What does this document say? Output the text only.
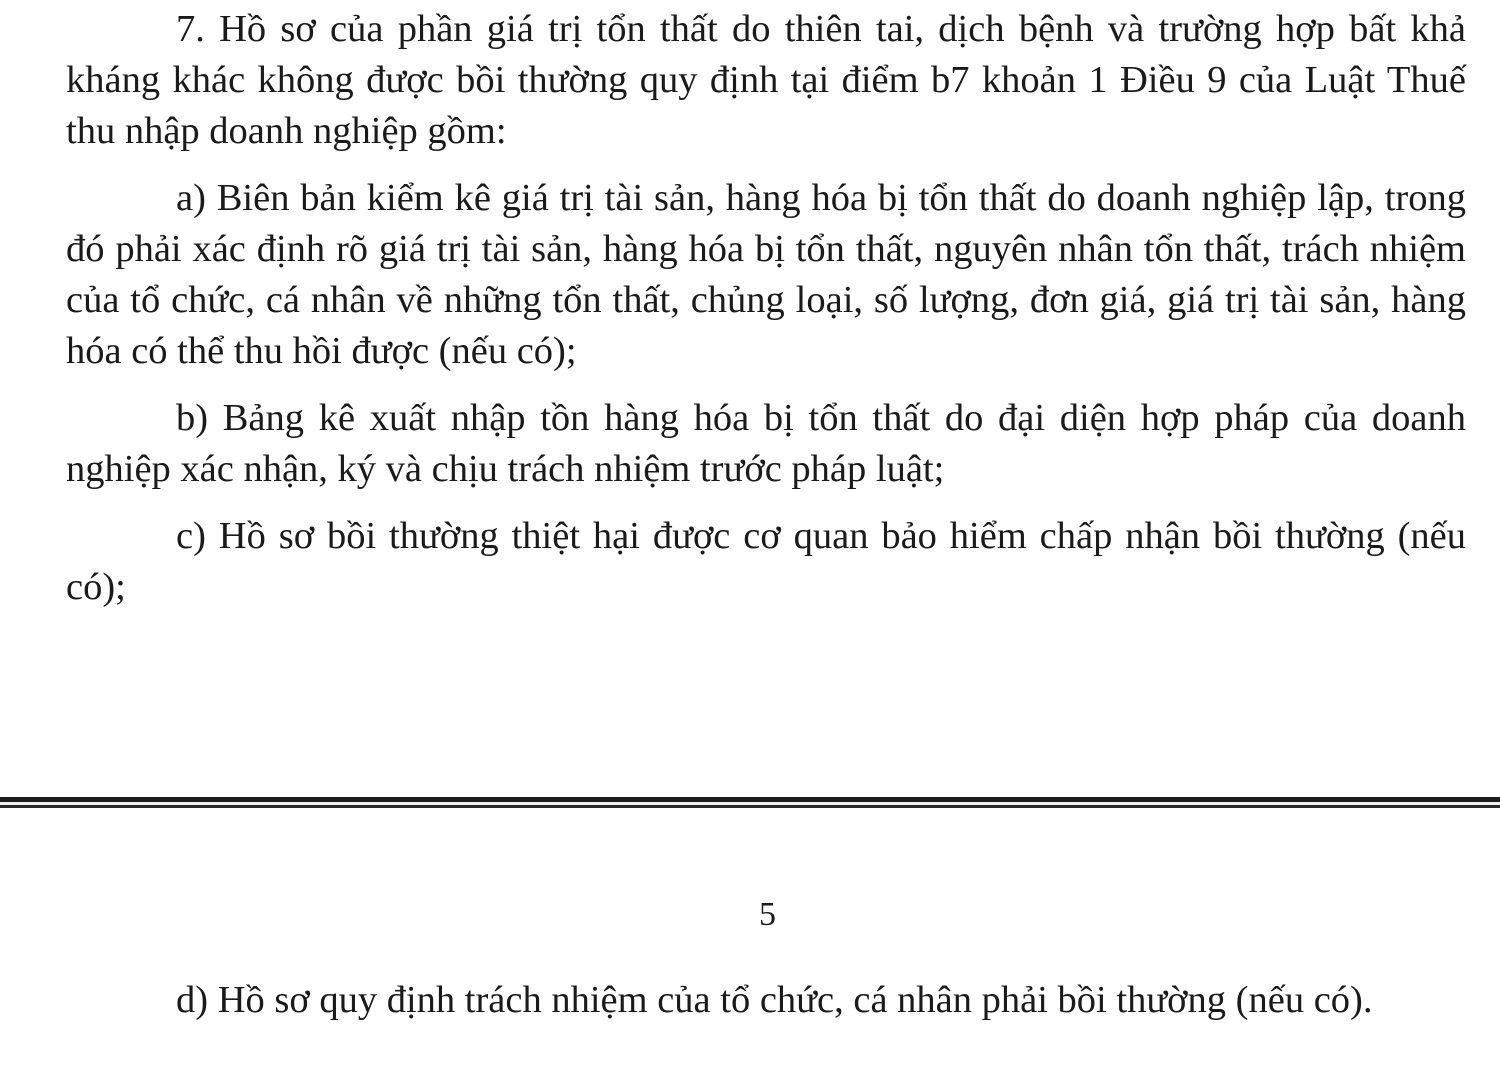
7. Hồ sơ của phần giá trị tổn thất do thiên tai, dịch bệnh và trường hợp bất khả kháng khác không được bồi thường quy định tại điểm b7 khoản 1 Điều 9 của Luật Thuế thu nhập doanh nghiệp gồm:

a) Biên bản kiểm kê giá trị tài sản, hàng hóa bị tổn thất do doanh nghiệp lập, trong đó phải xác định rõ giá trị tài sản, hàng hóa bị tổn thất, nguyên nhân tổn thất, trách nhiệm của tổ chức, cá nhân về những tổn thất, chủng loại, số lượng, đơn giá, giá trị tài sản, hàng hóa có thể thu hồi được (nếu có);

b) Bảng kê xuất nhập tồn hàng hóa bị tổn thất do đại diện hợp pháp của doanh nghiệp xác nhận, ký và chịu trách nhiệm trước pháp luật;

c) Hồ sơ bồi thường thiệt hại được cơ quan bảo hiểm chấp nhận bồi thường (nếu có);

5

d) Hồ sơ quy định trách nhiệm của tổ chức, cá nhân phải bồi thường (nếu có).
